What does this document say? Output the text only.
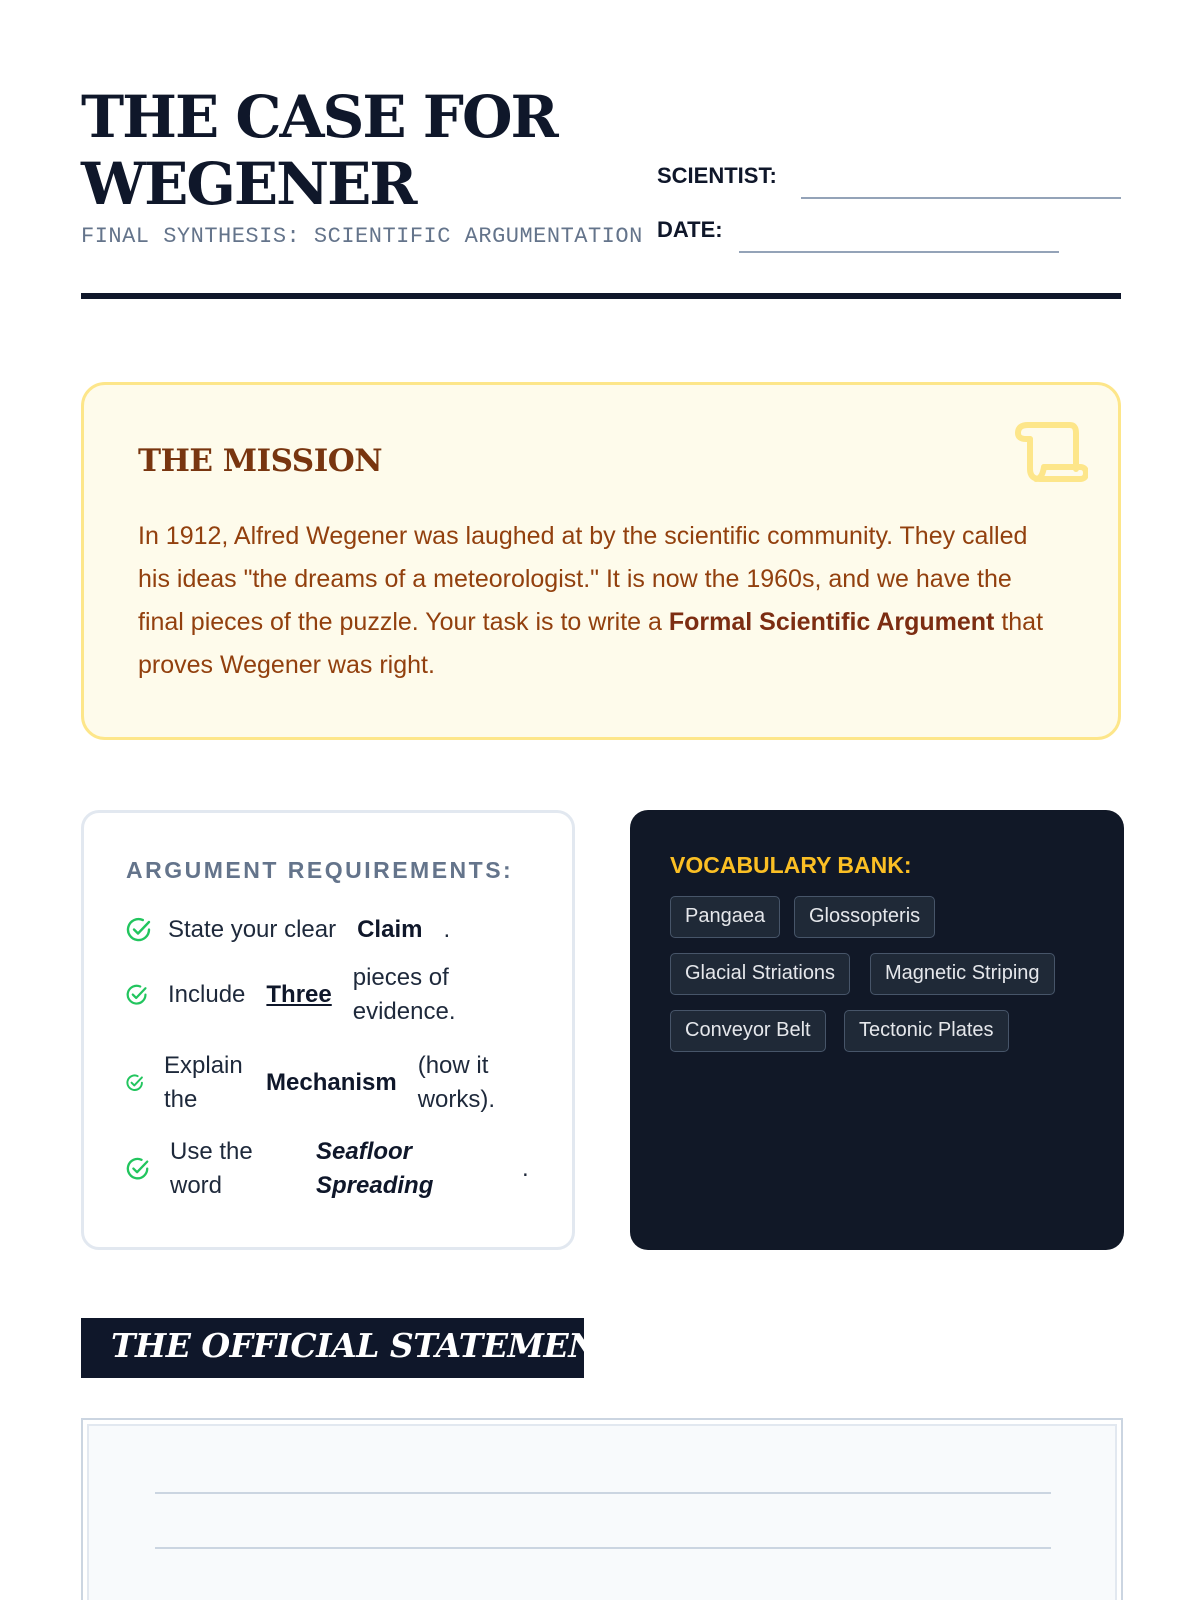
THE CASE FOR
WEGENER
FINAL SYNTHESIS: SCIENTIFIC ARGUMENTATION
SCIENTIST:
DATE:
THE MISSION
In 1912, Alfred Wegener was laughed at by the scientific community. They called his ideas "the dreams of a meteorologist." It is now the 1960s, and we have the final pieces of the puzzle. Your task is to write a Formal Scientific Argument that proves Wegener was right.
ARGUMENT REQUIREMENTS:
State your clear Claim .
Include Three
pieces of evidence.
Explain the
Mechanism
(how it works).
Use the word
Seafloor Spreading
.
VOCABULARY BANK:
Pangaea	Glossopteris
Glacial Striations	Magnetic Striping
Conveyor Belt	Tectonic Plates
THE OFFICIAL STATEMENT
